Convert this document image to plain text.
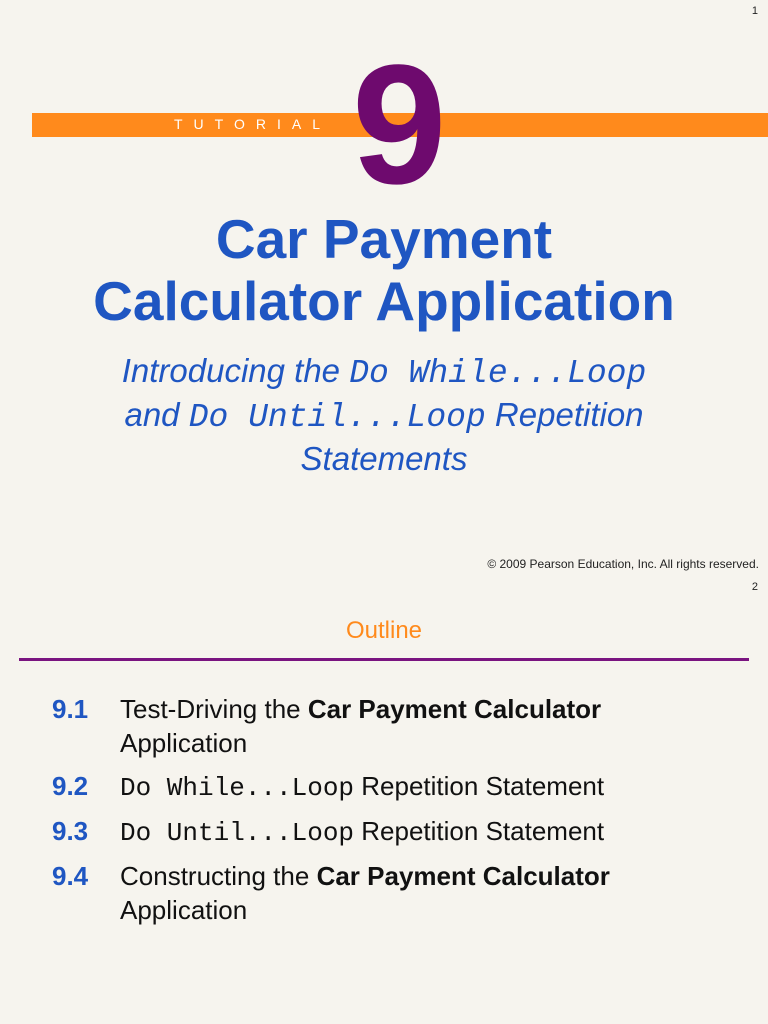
1
TUTORIAL 9
Car Payment
Calculator Application
Introducing the Do While...Loop
and Do Until...Loop Repetition
Statements
© 2009 Pearson Education, Inc. All rights reserved.
2
Outline
9.1 Test-Driving the Car Payment Calculator
Application
9.2 Do While...Loop Repetition Statement
9.3 Do Until...Loop Repetition Statement
9.4 Constructing the Car Payment Calculator
Application
